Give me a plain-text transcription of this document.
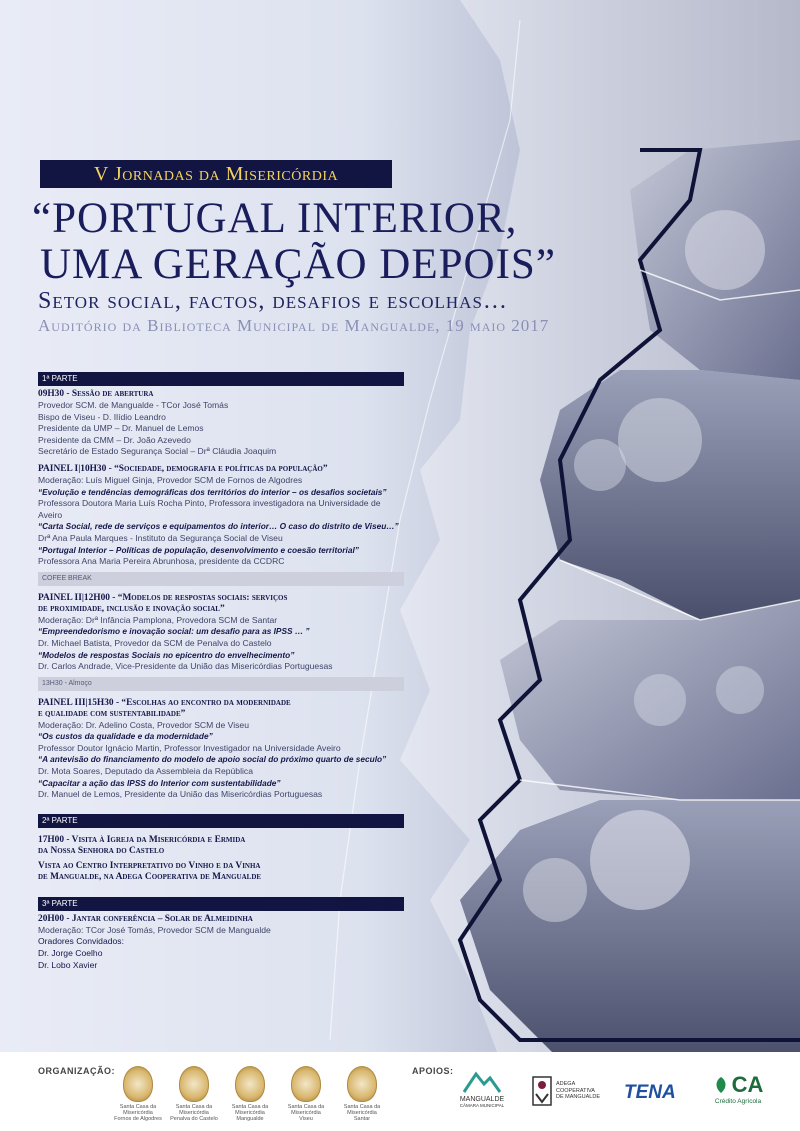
V Jornadas da Misericórdia
“PORTUGAL INTERIOR,
UMA GERAÇÃO DEPOIS”
Setor social, factos, desafios e escolhas…
Auditório da Biblioteca Municipal de Mangualde, 19 maio 2017
1ª PARTE
09H30 - Sessão de abertura
Provedor SCM. de Mangualde - TCor José Tomás
Bispo de Viseu - D. Ilídio Leandro
Presidente da UMP – Dr. Manuel de Lemos
Presidente da CMM – Dr. João Azevedo
Secretário de Estado Segurança Social – Drª Cláudia Joaquim
PAINEL I|10H30 - “Sociedade, demografia e políticas da população”
Moderação: Luís Miguel Ginja, Provedor SCM de Fornos de Algodres
“Evolução e tendências demográficas dos territórios do interior – os desafios societais”
Professora Doutora Maria Luís Rocha Pinto, Professora investigadora na Universidade de Aveiro
“Carta Social, rede de serviços e equipamentos do interior… O caso do distrito de Viseu…”
Drª Ana Paula Marques - Instituto da Segurança Social de Viseu
“Portugal Interior – Políticas de população, desenvolvimento e coesão territorial”
Professora Ana Maria Pereira Abrunhosa, presidente da CCDRC
COFEE BREAK
PAINEL II|12H00 - “Modelos de respostas sociais: serviços
de proximidade, inclusão e inovação social”
Moderação: Drª Infância Pamplona, Provedora SCM de Santar
“Empreendedorismo e inovação social: um desafio para as IPSS … ”
Dr. Michael Batista, Provedor da SCM de Penalva do Castelo
“Modelos de respostas Sociais no epicentro do envelhecimento”
Dr. Carlos Andrade, Vice-Presidente da União das Misericórdias Portuguesas
13H30 - Almoço
PAINEL III|15H30 - “Escolhas ao encontro da modernidade
e qualidade com sustentabilidade”
Moderação: Dr. Adelino Costa, Provedor SCM de Viseu
“Os custos da qualidade e da modernidade”
Professor Doutor Ignácio Martin, Professor Investigador na Universidade Aveiro
“A antevisão do financiamento do modelo de apoio social do próximo quarto de seculo”
Dr. Mota Soares, Deputado da Assembleia da República
“Capacitar a ação das IPSS do Interior com sustentabilidade”
Dr. Manuel de Lemos, Presidente da União das Misericórdias Portuguesas
2ª PARTE
17H00 - Visita à Igreja da Misericórdia e Ermida
da Nossa Senhora do Castelo
Vista ao Centro Interpretativo do Vinho e da Vinha
de Mangualde, na Adega Cooperativa de Mangualde
3ª PARTE
20H00 - Jantar conferência – Solar de Almeidinha
Moderação: TCor José Tomás, Provedor SCM de Mangualde
Oradores Convidados:
Dr. Jorge Coelho
Dr. Lobo Xavier
ORGANIZAÇÃO:
Santa Casa da Misericórdia
Fornos de Algodres
Santa Casa da Misericórdia
Penalva do Castelo
Santa Casa da Misericórdia
Mangualde
Santa Casa da Misericórdia
Viseu
Santa Casa da Misericórdia
Santar
APOIOS:
MANGUALDE
CÂMARA MUNICIPAL
ADEGA
COOPERATIVA
DE MANGUALDE TENA	CA
Crédito Agrícola
